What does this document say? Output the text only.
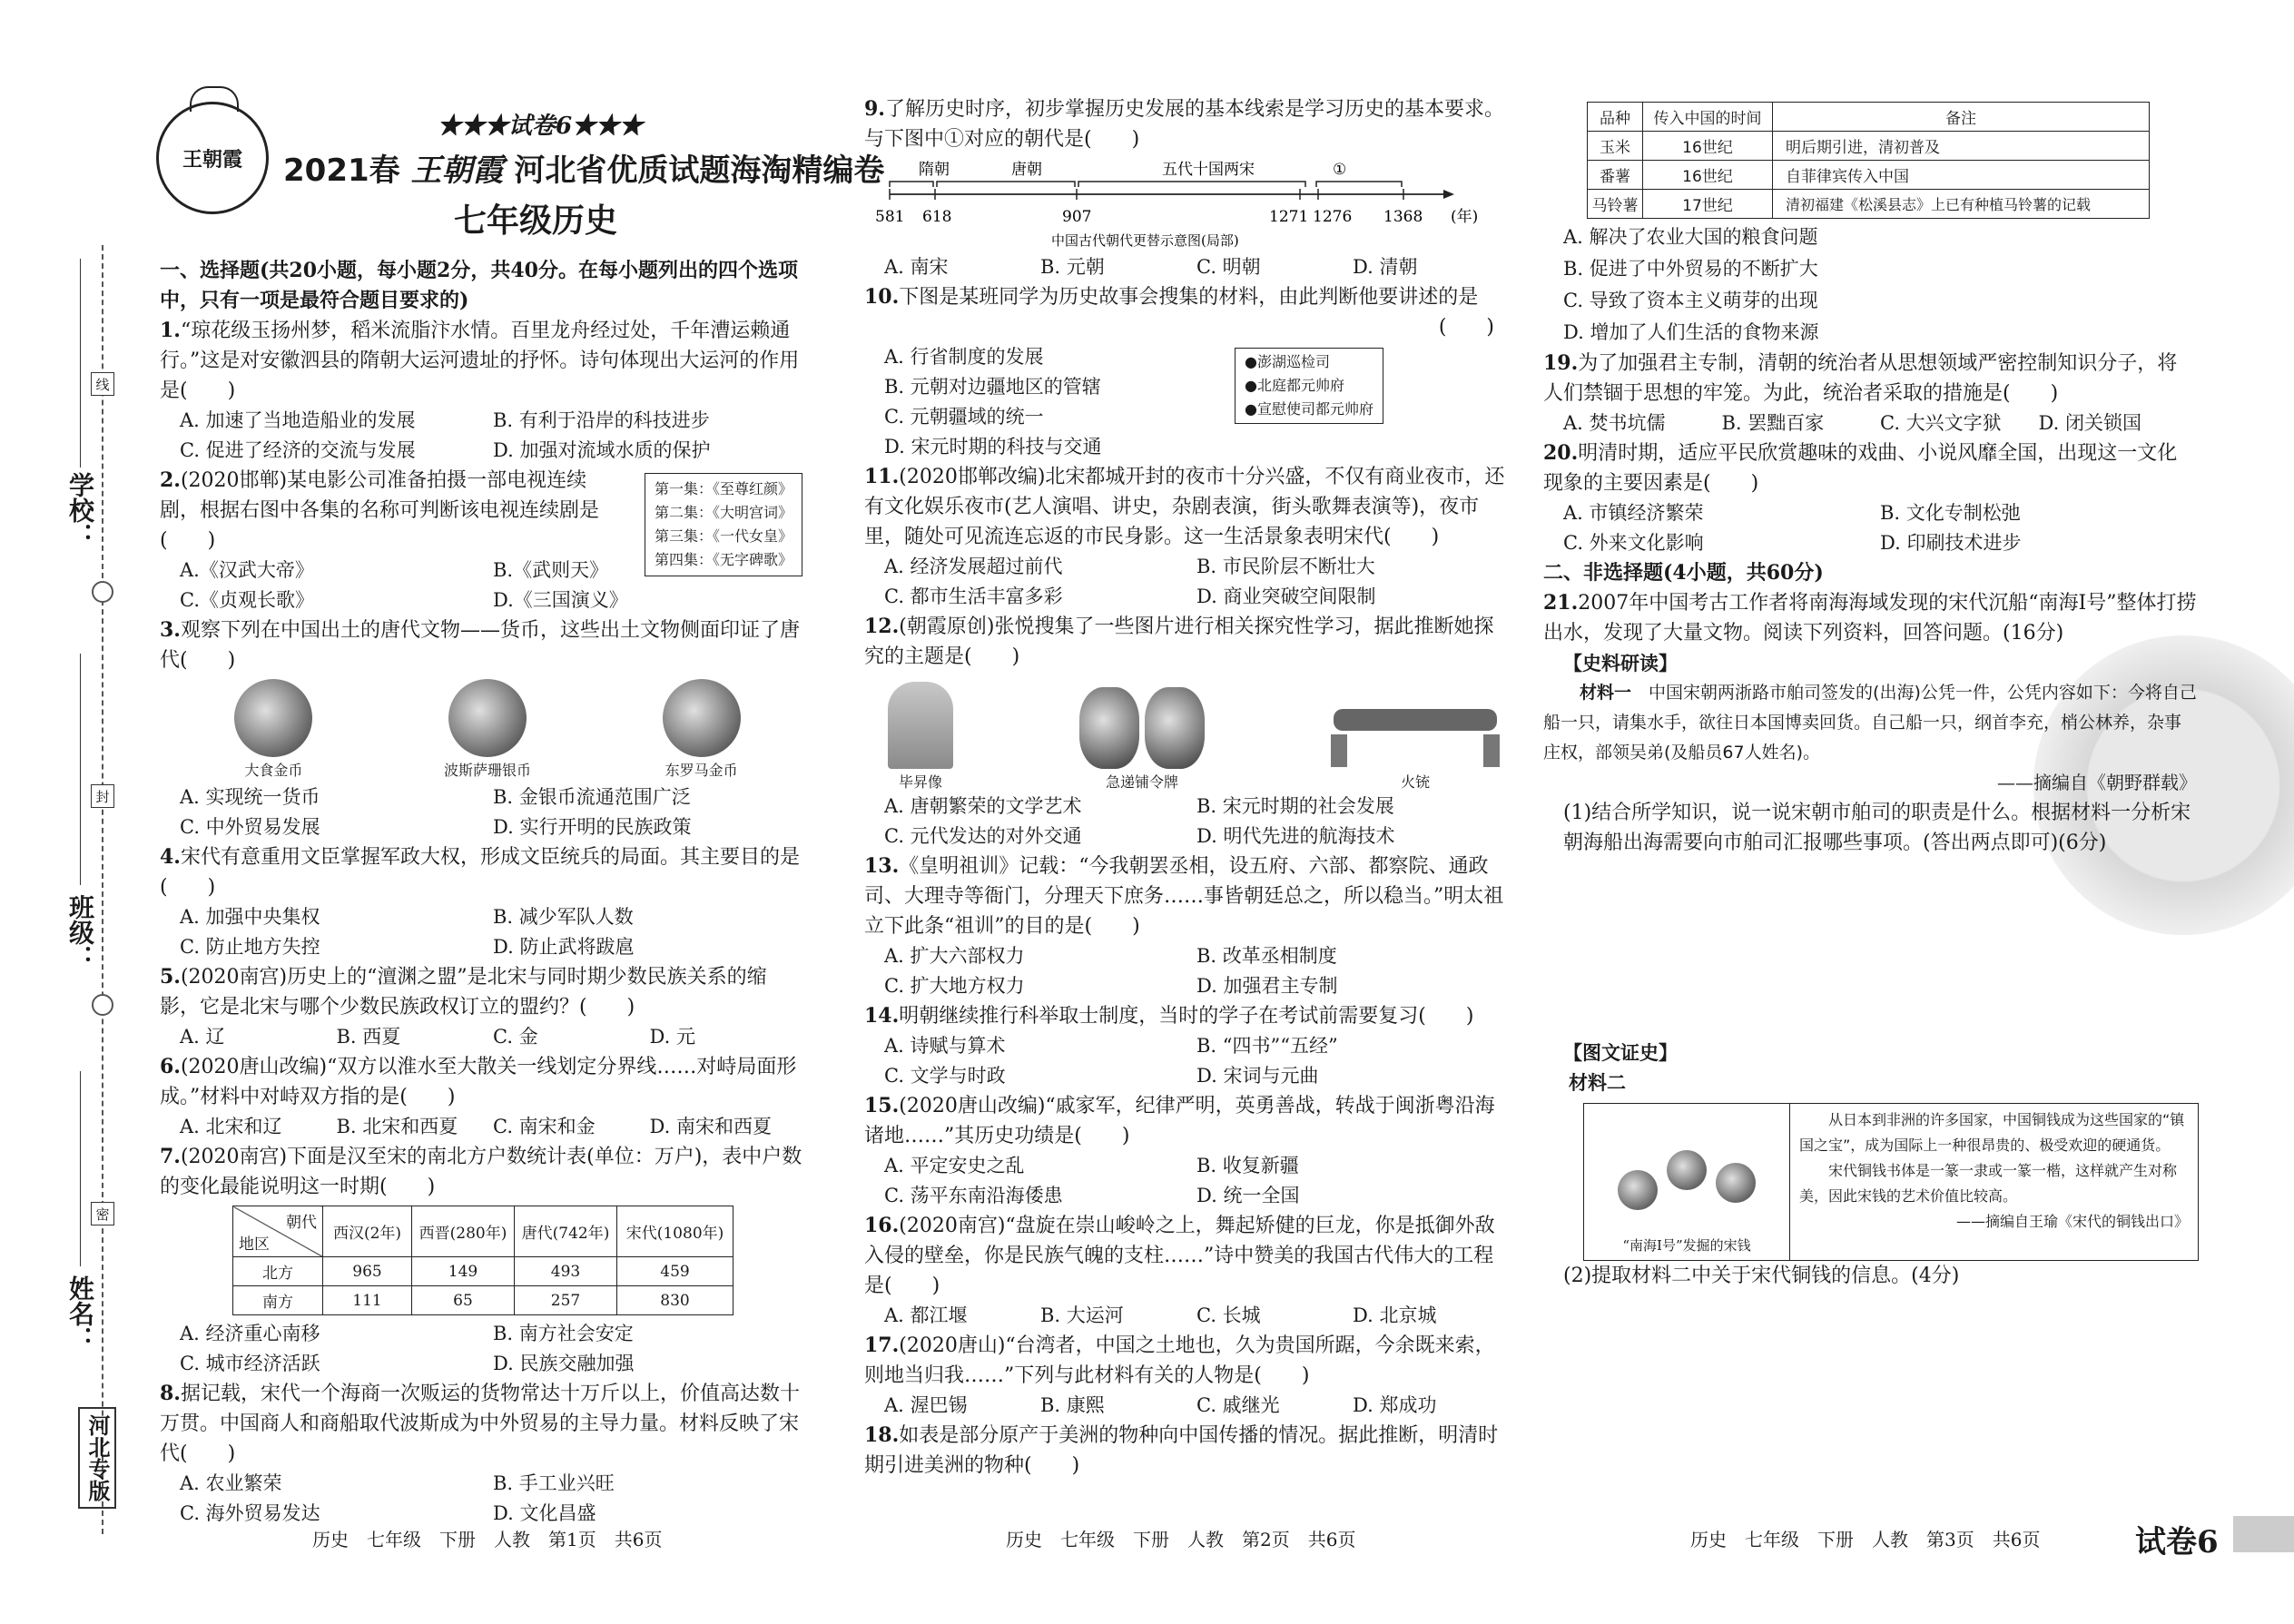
学校：
班级：
姓名：
线
封
密
河北专版
王朝霞
★★★试卷6★★★
2021春 王朝霞 河北省优质试题海淘精编卷
七年级历史

一、选择题(共20小题，每小题2分，共40分。在每小题列出的四个选项中，只有一项是最符合题目要求的)

1.“琼花级玉扬州梦，稻米流脂汴水情。百里龙舟经过处，千年漕运赖通行。”这是对安徽泗县的隋朝大运河遗址的抒怀。诗句体现出大运河的作用是(　　)

A. 加速了当地造船业的发展	B. 有利于沿岸的科技进步
C. 促进了经济的交流与发展	D. 加强对流域水质的保护

2.(2020邯郸)某电影公司准备拍摄一部电视连续剧，根据右图中各集的名称可判断该电视连续剧是(　　)

第一集：《至尊红颜》
第二集：《大明宫词》
第三集：《一代女皇》
第四集：《无字碑歌》
A.《汉武大帝》	B.《武则天》
C.《贞观长歌》	D.《三国演义》

3.观察下列在中国出土的唐代文物——货币，这些出土文物侧面印证了唐代(　　)

大食金币	波斯萨珊银币	东罗马金币
A. 实现统一货币	B. 金银币流通范围广泛
C. 中外贸易发展	D. 实行开明的民族政策

4.宋代有意重用文臣掌握军政大权，形成文臣统兵的局面。其主要目的是(　　)

A. 加强中央集权	B. 减少军队人数
C. 防止地方失控	D. 防止武将跋扈

5.(2020南宫)历史上的“澶渊之盟”是北宋与同时期少数民族关系的缩影，它是北宋与哪个少数民族政权订立的盟约？(　　)

A. 辽	B. 西夏	C. 金	D. 元

6.(2020唐山改编)“双方以淮水至大散关一线划定分界线……对峙局面形成。”材料中对峙双方指的是(　　)

A. 北宋和辽	B. 北宋和西夏	C. 南宋和金	D. 南宋和西夏

7.(2020南宫)下面是汉至宋的南北方户数统计表(单位：万户)，表中户数的变化最能说明这一时期(　　)

朝代
地区	西汉(2年)	西晋(280年)	唐代(742年)	宋代(1080年)
北方	965	149	493	459
南方	111	65	257	830
A. 经济重心南移	B. 南方社会安定
C. 城市经济活跃	D. 民族交融加强

8.据记载，宋代一个海商一次贩运的货物常达十万斤以上，价值高达数十万贯。中国商人和商船取代波斯成为中外贸易的主导力量。材料反映了宋代(　　)

A. 农业繁荣	B. 手工业兴旺
C. 海外贸易发达	D. 文化昌盛

9.了解历史时序，初步掌握历史发展的基本线索是学习历史的基本要求。与下图中①对应的朝代是(　　)

隋朝	唐朝	五代十国两宋	①
581 618	907	1271 1276 1368 (年)
中国古代朝代更替示意图(局部)
A. 南宋	B. 元朝	C. 明朝	D. 清朝

10.下图是某班同学为历史故事会搜集的材料，由此判断他要讲述的是

(　　)
●澎湖巡检司
●北庭都元帅府
●宣慰使司都元帅府
A. 行省制度的发展
B. 元朝对边疆地区的管辖
C. 元朝疆域的统一
D. 宋元时期的科技与交通

11.(2020邯郸改编)北宋都城开封的夜市十分兴盛，不仅有商业夜市，还有文化娱乐夜市(艺人演唱、讲史，杂剧表演，街头歌舞表演等)，夜市里，随处可见流连忘返的市民身影。这一生活景象表明宋代(　　)

A. 经济发展超过前代	B. 市民阶层不断壮大
C. 都市生活丰富多彩	D. 商业突破空间限制

12.(朝霞原创)张悦搜集了一些图片进行相关探究性学习，据此推断她探究的主题是(　　)

毕昇像	急递铺令牌	火铳
A. 唐朝繁荣的文学艺术	B. 宋元时期的社会发展
C. 元代发达的对外交通	D. 明代先进的航海技术

13.《皇明祖训》记载：“今我朝罢丞相，设五府、六部、都察院、通政司、大理寺等衙门，分理天下庶务……事皆朝廷总之，所以稳当。”明太祖立下此条“祖训”的目的是(　　)

A. 扩大六部权力	B. 改革丞相制度
C. 扩大地方权力	D. 加强君主专制

14.明朝继续推行科举取士制度，当时的学子在考试前需要复习(　　)

A. 诗赋与算术	B. “四书”“五经”
C. 文学与时政	D. 宋词与元曲

15.(2020唐山改编)“戚家军，纪律严明，英勇善战，转战于闽浙粤沿海诸地……”其历史功绩是(　　)

A. 平定安史之乱	B. 收复新疆
C. 荡平东南沿海倭患	D. 统一全国

16.(2020南宫)“盘旋在崇山峻岭之上，舞起矫健的巨龙，你是抵御外敌入侵的壁垒，你是民族气魄的支柱……”诗中赞美的我国古代伟大的工程是(　　)

A. 都江堰	B. 大运河	C. 长城	D. 北京城

17.(2020唐山)“台湾者，中国之土地也，久为贵国所踞，今余既来索，则地当归我……”下列与此材料有关的人物是(　　)

A. 渥巴锡	B. 康熙	C. 戚继光	D. 郑成功

18.如表是部分原产于美洲的物种向中国传播的情况。据此推断，明清时期引进美洲的物种(　　)

品种	传入中国的时间	备注
玉米	16世纪	明后期引进，清初普及
番薯	16世纪	自菲律宾传入中国
马铃薯	17世纪	清初福建《松溪县志》上已有种植马铃薯的记载
A. 解决了农业大国的粮食问题
B. 促进了中外贸易的不断扩大
C. 导致了资本主义萌芽的出现
D. 增加了人们生活的食物来源

19.为了加强君主专制，清朝的统治者从思想领域严密控制知识分子，将人们禁锢于思想的牢笼。为此，统治者采取的措施是(　　)

A. 焚书坑儒	B. 罢黜百家	C. 大兴文字狱	D. 闭关锁国

20.明清时期，适应平民欣赏趣味的戏曲、小说风靡全国，出现这一文化现象的主要因素是(　　)

A. 市镇经济繁荣	B. 文化专制松弛
C. 外来文化影响	D. 印刷技术进步

二、非选择题(4小题，共60分)

21.2007年中国考古工作者将南海海域发现的宋代沉船“南海Ⅰ号”整体打捞出水，发现了大量文物。阅读下列资料，回答问题。(16分)

【史料研读】
材料一　 中国宋朝两浙路市舶司签发的(出海)公凭一件，公凭内容如下：今将自己船一只，请集水手，欲往日本国博卖回货。自己船一只，纲首李充，梢公林养，杂事庄权，部领吴弟(及船员67人姓名)。
——摘编自《朝野群载》

(1)结合所学知识，说一说宋朝市舶司的职责是什么。根据材料一分析宋朝海船出海需要向市舶司汇报哪些事项。(答出两点即可)(6分)

【图文证史】
材料二
“南海Ⅰ号”发掘的宋钱
从日本到非洲的许多国家，中国铜钱成为这些国家的“镇国之宝”，成为国际上一种很昂贵的、极受欢迎的硬通货。
宋代铜钱书体是一篆一隶或一篆一楷，这样就产生对称美，因此宋钱的艺术价值比较高。
——摘编自王瑜《宋代的铜钱出口》

(2)提取材料二中关于宋代铜钱的信息。(4分)

历史　七年级　下册　人教　第1页　共6页	历史　七年级　下册　人教　第2页　共6页	历史　七年级　下册　人教　第3页　共6页	试卷6
